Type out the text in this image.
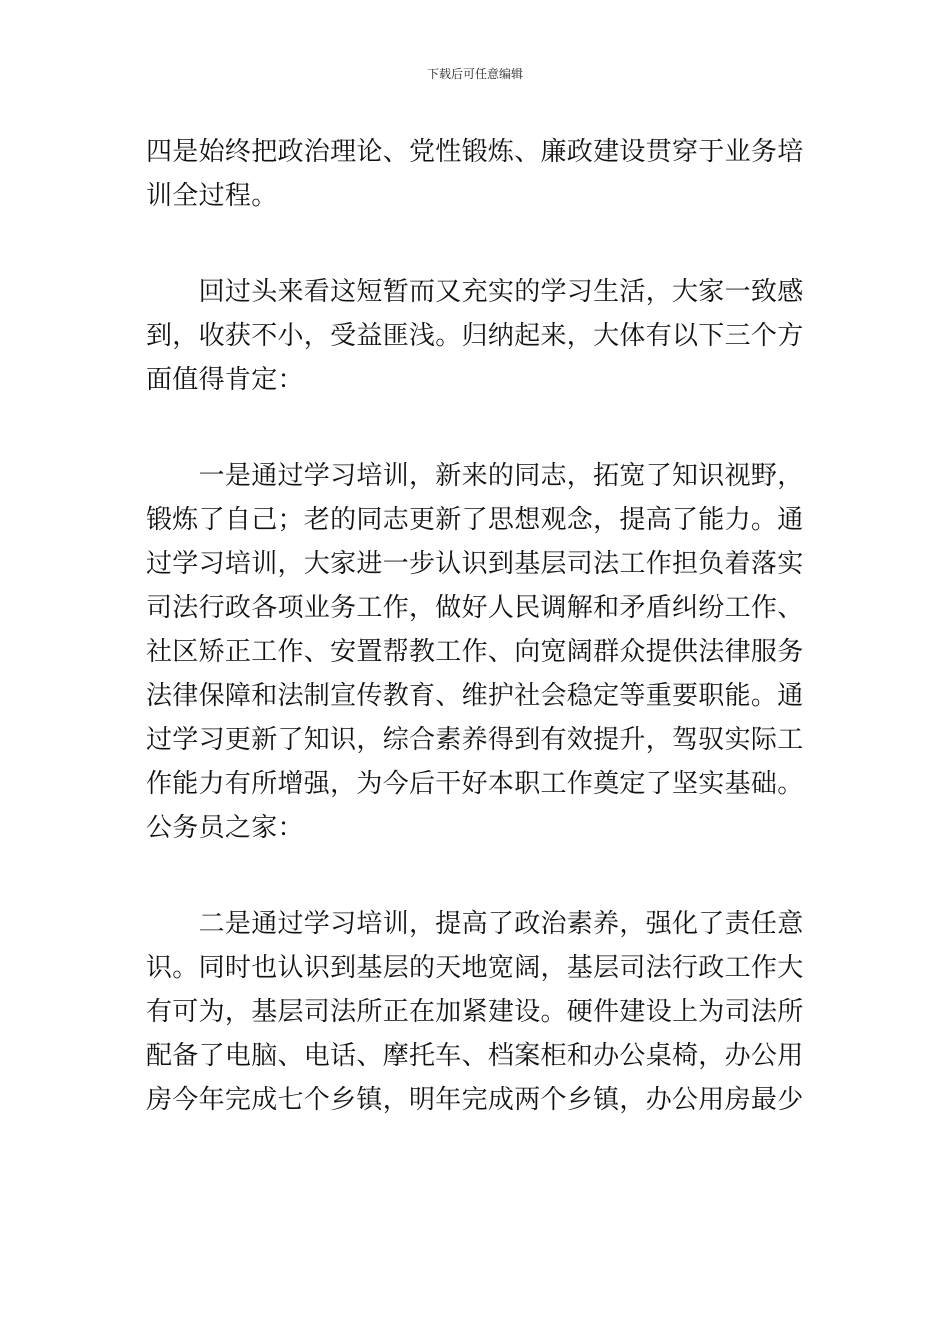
下载后可任意编辑

四是始终把政治理论、党性锻炼、廉政建设贯穿于业务培
训全过程。

　　回过头来看这短暂而又充实的学习生活，大家一致感
到，收获不小，受益匪浅。归纳起来，大体有以下三个方
面值得肯定：

　　一是通过学习培训，新来的同志，拓宽了知识视野，
锻炼了自己；老的同志更新了思想观念，提高了能力。通
过学习培训，大家进一步认识到基层司法工作担负着落实
司法行政各项业务工作，做好人民调解和矛盾纠纷工作、
社区矫正工作、安置帮教工作、向宽阔群众提供法律服务
法律保障和法制宣传教育、维护社会稳定等重要职能。通
过学习更新了知识，综合素养得到有效提升，驾驭实际工
作能力有所增强，为今后干好本职工作奠定了坚实基础。
公务员之家：

　　二是通过学习培训，提高了政治素养，强化了责任意
识。同时也认识到基层的天地宽阔，基层司法行政工作大
有可为，基层司法所正在加紧建设。硬件建设上为司法所
配备了电脑、电话、摩托车、档案柜和办公桌椅，办公用
房今年完成七个乡镇，明年完成两个乡镇，办公用房最少
